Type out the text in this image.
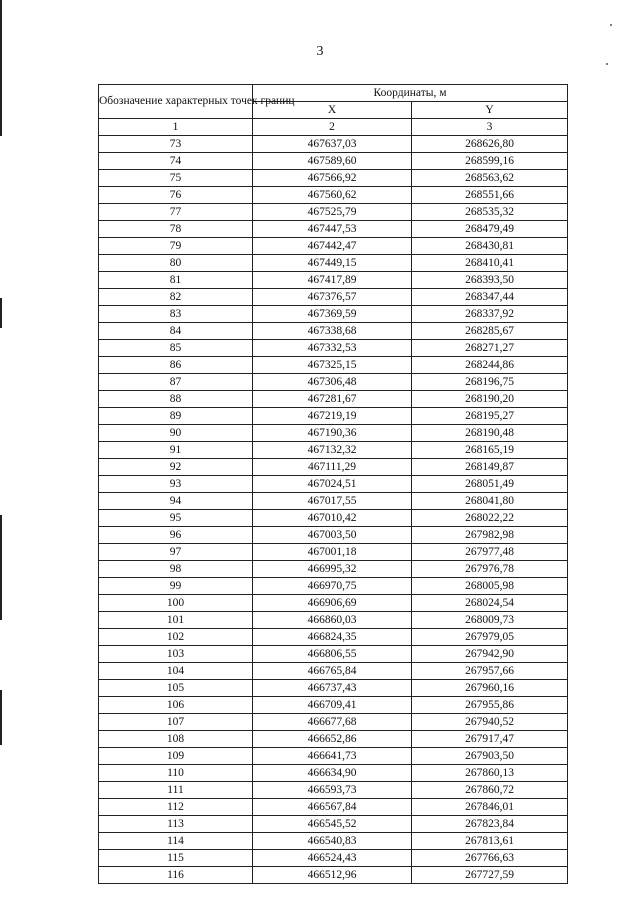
3
Обозначение характерных точек границ	Координаты, м	
	X	Y
1	2	3
73	467637,03	268626,80
74	467589,60	268599,16
75	467566,92	268563,62
76	467560,62	268551,66
77	467525,79	268535,32
78	467447,53	268479,49
79	467442,47	268430,81
80	467449,15	268410,41
81	467417,89	268393,50
82	467376,57	268347,44
83	467369,59	268337,92
84	467338,68	268285,67
85	467332,53	268271,27
86	467325,15	268244,86
87	467306,48	268196,75
88	467281,67	268190,20
89	467219,19	268195,27
90	467190,36	268190,48
91	467132,32	268165,19
92	467111,29	268149,87
93	467024,51	268051,49
94	467017,55	268041,80
95	467010,42	268022,22
96	467003,50	267982,98
97	467001,18	267977,48
98	466995,32	267976,78
99	466970,75	268005,98
100	466906,69	268024,54
101	466860,03	268009,73
102	466824,35	267979,05
103	466806,55	267942,90
104	466765,84	267957,66
105	466737,43	267960,16
106	466709,41	267955,86
107	466677,68	267940,52
108	466652,86	267917,47
109	466641,73	267903,50
110	466634,90	267860,13
111	466593,73	267860,72
112	466567,84	267846,01
113	466545,52	267823,84
114	466540,83	267813,61
115	466524,43	267766,63
116	466512,96	267727,59
